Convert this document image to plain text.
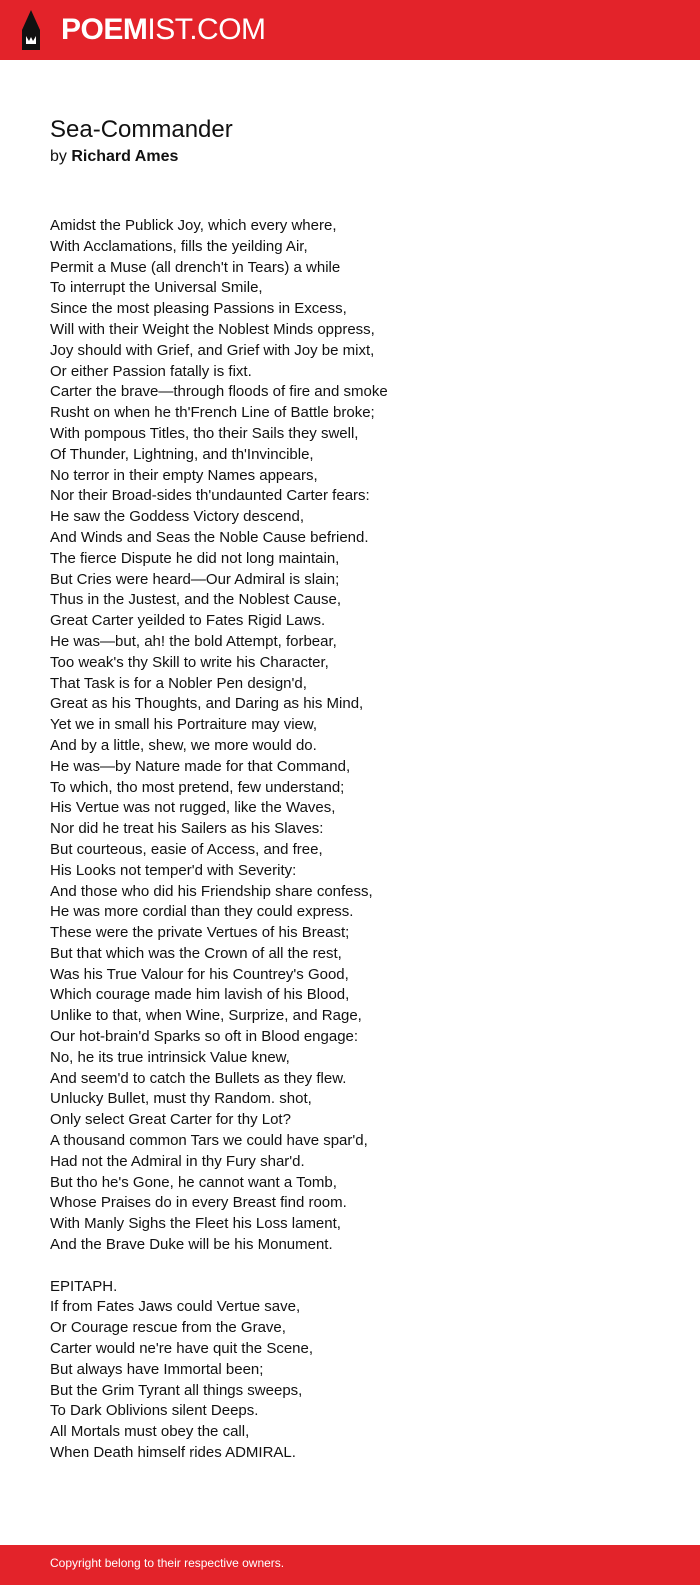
POEMIST.COM
Sea-Commander
by Richard Ames
Amidst the Publick Joy, which every where,
With Acclamations, fills the yeilding Air,
Permit a Muse (all drench't in Tears) a while
To interrupt the Universal Smile,
Since the most pleasing Passions in Excess,
Will with their Weight the Noblest Minds oppress,
Joy should with Grief, and Grief with Joy be mixt,
Or either Passion fatally is fixt.
Carter the brave—through floods of fire and smoke
Rusht on when he th'French Line of Battle broke;
With pompous Titles, tho their Sails they swell,
Of Thunder, Lightning, and th'Invincible,
No terror in their empty Names appears,
Nor their Broad-sides th'undaunted Carter fears:
He saw the Goddess Victory descend,
And Winds and Seas the Noble Cause befriend.
The fierce Dispute he did not long maintain,
But Cries were heard—Our Admiral is slain;
Thus in the Justest, and the Noblest Cause,
Great Carter yeilded to Fates Rigid Laws.
He was—but, ah! the bold Attempt, forbear,
Too weak's thy Skill to write his Character,
That Task is for a Nobler Pen design'd,
Great as his Thoughts, and Daring as his Mind,
Yet we in small his Portraiture may view,
And by a little, shew, we more would do.
He was—by Nature made for that Command,
To which, tho most pretend, few understand;
His Vertue was not rugged, like the Waves,
Nor did he treat his Sailers as his Slaves:
But courteous, easie of Access, and free,
His Looks not temper'd with Severity:
And those who did his Friendship share confess,
He was more cordial than they could express.
These were the private Vertues of his Breast;
But that which was the Crown of all the rest,
Was his True Valour for his Countrey's Good,
Which courage made him lavish of his Blood,
Unlike to that, when Wine, Surprize, and Rage,
Our hot-brain'd Sparks so oft in Blood engage:
No, he its true intrinsick Value knew,
And seem'd to catch the Bullets as they flew.
Unlucky Bullet, must thy Random. shot,
Only select Great Carter for thy Lot?
A thousand common Tars we could have spar'd,
Had not the Admiral in thy Fury shar'd.
But tho he's Gone, he cannot want a Tomb,
Whose Praises do in every Breast find room.
With Manly Sighs the Fleet his Loss lament,
And the Brave Duke will be his Monument.
EPITAPH.
If from Fates Jaws could Vertue save,
Or Courage rescue from the Grave,
Carter would ne're have quit the Scene,
But always have Immortal been;
But the Grim Tyrant all things sweeps,
To Dark Oblivions silent Deeps.
All Mortals must obey the call,
When Death himself rides ADMIRAL.
Copyright belong to their respective owners.
